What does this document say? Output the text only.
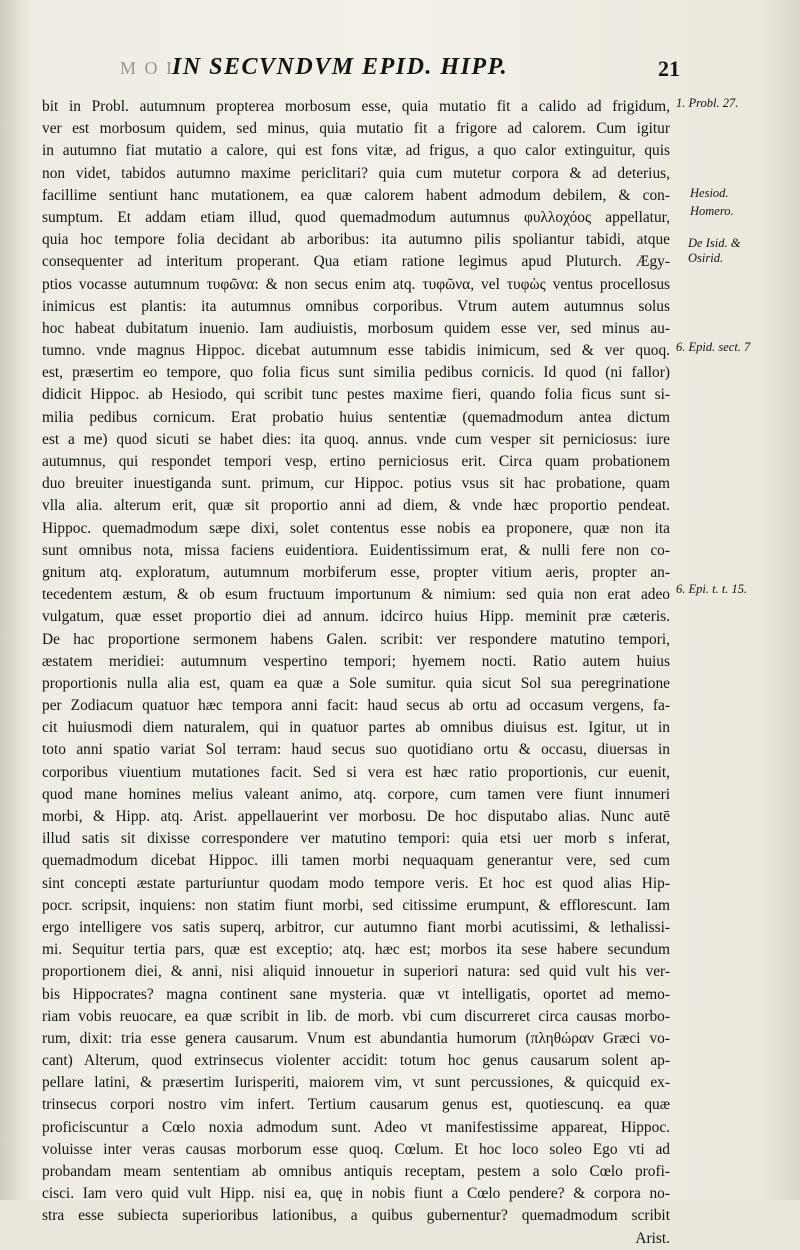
M O I
IN SECVNDVM EPID. HIPP.	21
bit in Probl. autumnum propterea morbosum esse, quia mutatio fit a calido ad frigidum,
ver est morbosum quidem, sed minus, quia mutatio fit a frigore ad calorem. Cum igitur
in autumno fiat mutatio a calore, qui est fons vitæ, ad frigus, a quo calor extinguitur, quis
non videt, tabidos autumno maxime periclitari? quia cum mutetur corpora & ad deterius,
facillime sentiunt hanc mutationem, ea quæ calorem habent admodum debilem, & con-
sumptum. Et addam etiam illud, quod quemadmodum autumnus φυλλοχόος appellatur,
quia hoc tempore folia decidant ab arboribus: ita autumno pilis spoliantur tabidi, atque
consequenter ad interitum properant. Qua etiam ratione legimus apud Pluturch. Ægy-
ptios vocasse autumnum τυφῶνα: & non secus enim atq. τυφῶνα, vel τυφὼς ventus procellosus
inimicus est plantis: ita autumnus omnibus corporibus. Vtrum autem autumnus solus
hoc habeat dubitatum inuenio. Iam audiuistis, morbosum quidem esse ver, sed minus au-
tumno. vnde magnus Hippoc. dicebat autumnum esse tabidis inimicum, sed & ver quoq.
est, præsertim eo tempore, quo folia ficus sunt similia pedibus cornicis. Id quod (ni fallor)
didicit Hippoc. ab Hesiodo, qui scribit tunc pestes maxime fieri, quando folia ficus sunt si-
milia pedibus cornicum. Erat probatio huius sententiæ (quemadmodum antea dictum
est a me) quod sicuti se habet dies: ita quoq. annus. vnde cum vesper sit perniciosus: iure
autumnus, qui respondet tempori vesp, ertino perniciosus erit. Circa quam probationem
duo breuiter inuestiganda sunt. primum, cur Hippoc. potius vsus sit hac probatione, quam
vlla alia. alterum erit, quæ sit proportio anni ad diem, & vnde hæc proportio pendeat.
Hippoc. quemadmodum sæpe dixi, solet contentus esse nobis ea proponere, quæ non ita
sunt omnibus nota, missa faciens euidentiora. Euidentissimum erat, & nulli fere non co-
gnitum atq. exploratum, autumnum morbiferum esse, propter vitium aeris, propter an-
tecedentem æstum, & ob esum fructuum importunum & nimium: sed quia non erat adeo
vulgatum, quæ esset proportio diei ad annum. idcirco huius Hipp. meminit præ cæteris.
De hac proportione sermonem habens Galen. scribit: ver respondere matutino tempori,
æstatem meridiei: autumnum vespertino tempori; hyemem nocti. Ratio autem huius
proportionis nulla alia est, quam ea quæ a Sole sumitur. quia sicut Sol sua peregrinatione
per Zodiacum quatuor hæc tempora anni facit: haud secus ab ortu ad occasum vergens, fa-
cit huiusmodi diem naturalem, qui in quatuor partes ab omnibus diuisus est. Igitur, ut in
toto anni spatio variat Sol terram: haud secus suo quotidiano ortu & occasu, diuersas in
corporibus viuentium mutationes facit. Sed si vera est hæc ratio proportionis, cur euenit,
quod mane homines melius valeant animo, atq. corpore, cum tamen vere fiunt innumeri
morbi, & Hipp. atq. Arist. appellauerint ver morbosu. De hoc disputabo alias. Nunc autē
illud satis sit dixisse correspondere ver matutino tempori: quia etsi uer morb s inferat,
quemadmodum dicebat Hippoc. illi tamen morbi nequaquam generantur vere, sed cum
sint concepti æstate parturiuntur quodam modo tempore veris. Et hoc est quod alias Hip-
pocr. scripsit, inquiens: non statim fiunt morbi, sed citissime erumpunt, & efflorescunt. Iam
ergo intelligere vos satis superq, arbitror, cur autumno fiant morbi acutissimi, & lethalissi-
mi. Sequitur tertia pars, quæ est exceptio; atq. hæc est; morbos ita sese habere secundum
proportionem diei, & anni, nisi aliquid innouetur in superiori natura: sed quid vult his ver-
bis Hippocrates? magna continent sane mysteria. quæ vt intelligatis, oportet ad memo-
riam vobis reuocare, ea quæ scribit in lib. de morb. vbi cum discurreret circa causas morbo-
rum, dixit: tria esse genera causarum. Vnum est abundantia humorum (πληθώραν Græci vo-
cant) Alterum, quod extrinsecus violenter accidit: totum hoc genus causarum solent ap-
pellare latini, & præsertim Iurisperiti, maiorem vim, vt sunt percussiones, & quicquid ex-
trinsecus corpori nostro vim infert. Tertium causarum genus est, quotiescunq. ea quæ
proficiscuntur a Cœlo noxia admodum sunt. Adeo vt manifestissime appareat, Hippoc.
voluisse inter veras causas morborum esse quoq. Cœlum. Et hoc loco soleo Ego vti ad
probandam meam sententiam ab omnibus antiquis receptam, pestem a solo Cœlo profi-
cisci. Iam vero quid vult Hipp. nisi ea, quę in nobis fiunt a Cœlo pendere? & corpora no-
stra esse subiecta superioribus lationibus, a quibus gubernentur? quemadmodum scribit
Arist.
1. Probl. 27.
Hesiod.
Homero.
De Isid. & Osirid.
6. Epid. sect. 7
6. Epi. t. t. 15.
